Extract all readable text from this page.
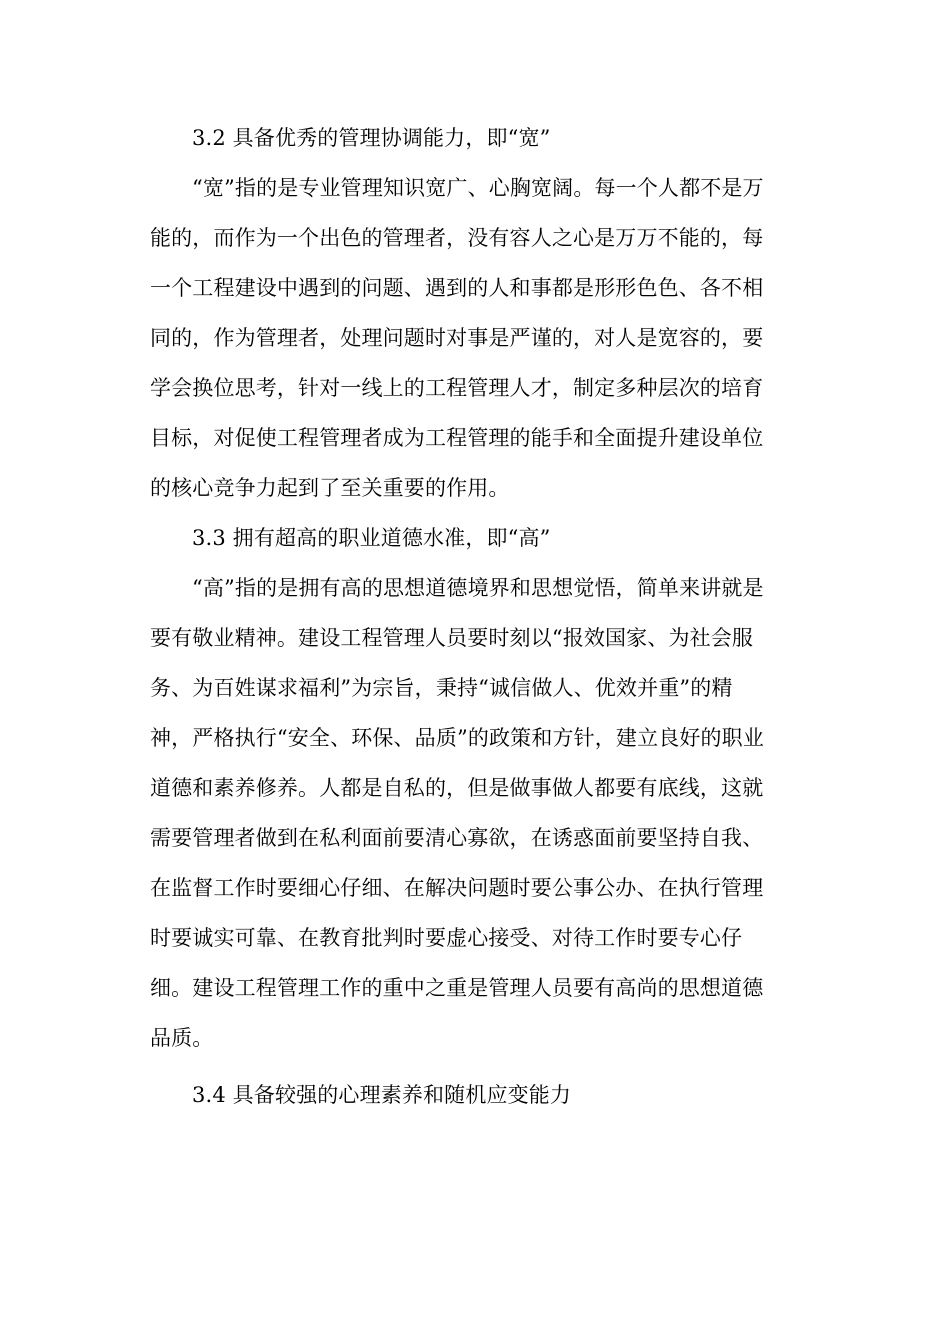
3.2 具备优秀的管理协调能力，即“宽”
“宽”指的是专业管理知识宽广、心胸宽阔。每一个人都不是万
能的，而作为一个出色的管理者，没有容人之心是万万不能的，每
一个工程建设中遇到的问题、遇到的人和事都是形形色色、各不相
同的，作为管理者，处理问题时对事是严谨的，对人是宽容的，要
学会换位思考，针对一线上的工程管理人才，制定多种层次的培育
目标，对促使工程管理者成为工程管理的能手和全面提升建设单位
的核心竞争力起到了至关重要的作用。
3.3 拥有超高的职业道德水准，即“高”
“高”指的是拥有高的思想道德境界和思想觉悟，简单来讲就是
要有敬业精神。建设工程管理人员要时刻以“报效国家、为社会服
务、为百姓谋求福利”为宗旨，秉持“诚信做人、优效并重”的精
神，严格执行“安全、环保、品质”的政策和方针，建立良好的职业
道德和素养修养。人都是自私的，但是做事做人都要有底线，这就
需要管理者做到在私利面前要清心寡欲，在诱惑面前要坚持自我、
在监督工作时要细心仔细、在解决问题时要公事公办、在执行管理
时要诚实可靠、在教育批判时要虚心接受、对待工作时要专心仔
细。建设工程管理工作的重中之重是管理人员要有高尚的思想道德
品质。
3.4 具备较强的心理素养和随机应变能力
